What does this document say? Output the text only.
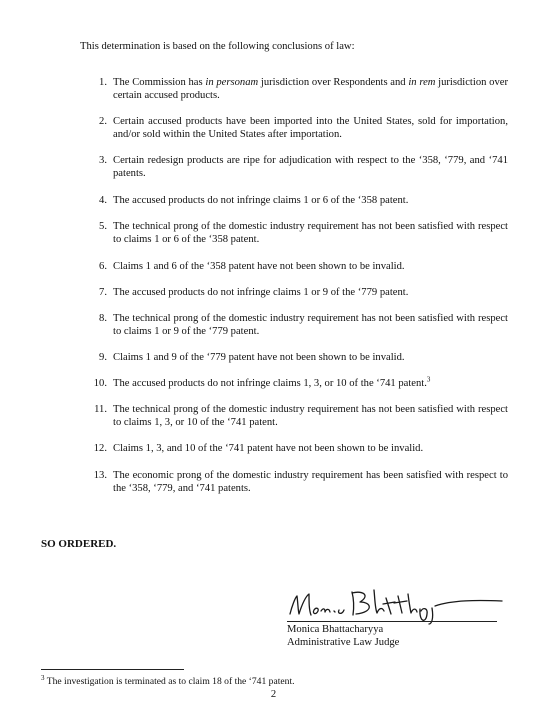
This determination is based on the following conclusions of law:
1. The Commission has in personam jurisdiction over Respondents and in rem jurisdiction over certain accused products.
2. Certain accused products have been imported into the United States, sold for importation, and/or sold within the United States after importation.
3. Certain redesign products are ripe for adjudication with respect to the ‘358, ‘779, and ‘741 patents.
4. The accused products do not infringe claims 1 or 6 of the ‘358 patent.
5. The technical prong of the domestic industry requirement has not been satisfied with respect to claims 1 or 6 of the ‘358 patent.
6. Claims 1 and 6 of the ‘358 patent have not been shown to be invalid.
7. The accused products do not infringe claims 1 or 9 of the ‘779 patent.
8. The technical prong of the domestic industry requirement has not been satisfied with respect to claims 1 or 9 of the ‘779 patent.
9. Claims 1 and 9 of the ‘779 patent have not been shown to be invalid.
10. The accused products do not infringe claims 1, 3, or 10 of the ‘741 patent.$^3$
11. The technical prong of the domestic industry requirement has not been satisfied with respect to claims 1, 3, or 10 of the ‘741 patent.
12. Claims 1, 3, and 10 of the ‘741 patent have not been shown to be invalid.
13. The economic prong of the domestic industry requirement has been satisfied with respect to the ‘358, ‘779, and ‘741 patents.
SO ORDERED.
Monica Bhattacharyya
Administrative Law Judge
$^3$ The investigation is terminated as to claim 18 of the ‘741 patent.
2
